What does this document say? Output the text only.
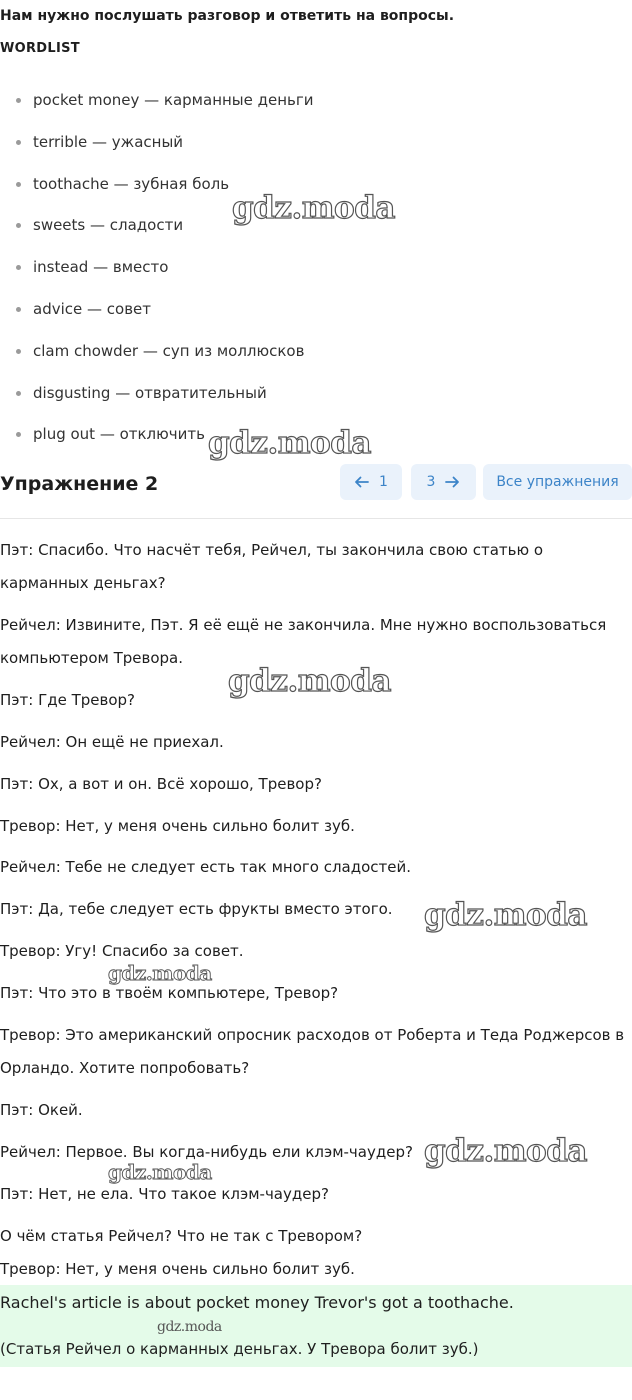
Нам нужно послушать разговор и ответить на вопросы.
WORDLIST
pocket money — карманные деньги
terrible — ужасный
toothache — зубная боль
sweets — сладости
instead — вместо
advice — совет
clam chowder — суп из моллюсков
disgusting — отвратительный
plug out — отключить
Упражнение 2	1	3	Все упражнения
Пэт: Спасибо. Что насчёт тебя, Рейчел, ты закончила свою статью о карманных деньгах?
Рейчел: Извините, Пэт. Я её ещё не закончила. Мне нужно воспользоваться компьютером Тревора.
Пэт: Где Тревор?
Рейчел: Он ещё не приехал.
Пэт: Ох, а вот и он. Всё хорошо, Тревор?
Тревор: Нет, у меня очень сильно болит зуб.
Рейчел: Тебе не следует есть так много сладостей.
Пэт: Да, тебе следует есть фрукты вместо этого.
Тревор: Угу! Спасибо за совет.
Пэт: Что это в твоём компьютере, Тревор?
Тревор: Это американский опросник расходов от Роберта и Теда Роджерсов в Орландо. Хотите попробовать?
Пэт: Окей.
Рейчел: Первое. Вы когда-нибудь ели клэм-чаудер?
Пэт: Нет, не ела. Что такое клэм-чаудер?
О чём статья Рейчел? Что не так с Тревором?
Тревор: Нет, у меня очень сильно болит зуб.
Rachel's article is about pocket money Trevor's got a toothache.
(Статья Рейчел о карманных деньгах. У Тревора болит зуб.)
gdz.moda
gdz.moda
gdz.moda
gdz.moda
gdz.moda
gdz.moda
gdz.moda
gdz.moda
